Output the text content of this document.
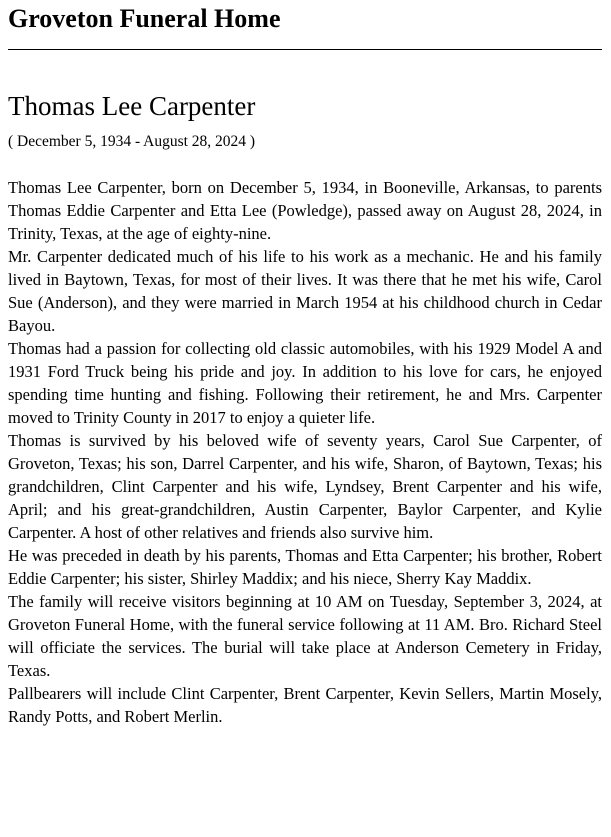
Groveton Funeral Home
Thomas Lee Carpenter

( December 5, 1934 - August 28, 2024 )

Thomas Lee Carpenter, born on December 5, 1934, in Booneville, Arkansas, to parents Thomas Eddie Carpenter and Etta Lee (Powledge), passed away on August 28, 2024, in Trinity, Texas, at the age of eighty-nine.

Mr. Carpenter dedicated much of his life to his work as a mechanic. He and his family lived in Baytown, Texas, for most of their lives. It was there that he met his wife, Carol Sue (Anderson), and they were married in March 1954 at his childhood church in Cedar Bayou.

Thomas had a passion for collecting old classic automobiles, with his 1929 Model A and 1931 Ford Truck being his pride and joy. In addition to his love for cars, he enjoyed spending time hunting and fishing. Following their retirement, he and Mrs. Carpenter moved to Trinity County in 2017 to enjoy a quieter life.

Thomas is survived by his beloved wife of seventy years, Carol Sue Carpenter, of Groveton, Texas; his son, Darrel Carpenter, and his wife, Sharon, of Baytown, Texas; his grandchildren, Clint Carpenter and his wife, Lyndsey, Brent Carpenter and his wife, April; and his great-grandchildren, Austin Carpenter, Baylor Carpenter, and Kylie Carpenter. A host of other relatives and friends also survive him.

He was preceded in death by his parents, Thomas and Etta Carpenter; his brother, Robert Eddie Carpenter; his sister, Shirley Maddix; and his niece, Sherry Kay Maddix.

The family will receive visitors beginning at 10 AM on Tuesday, September 3, 2024, at Groveton Funeral Home, with the funeral service following at 11 AM. Bro. Richard Steel will officiate the services. The burial will take place at Anderson Cemetery in Friday, Texas.

Pallbearers will include Clint Carpenter, Brent Carpenter, Kevin Sellers, Martin Mosely, Randy Potts, and Robert Merlin.
